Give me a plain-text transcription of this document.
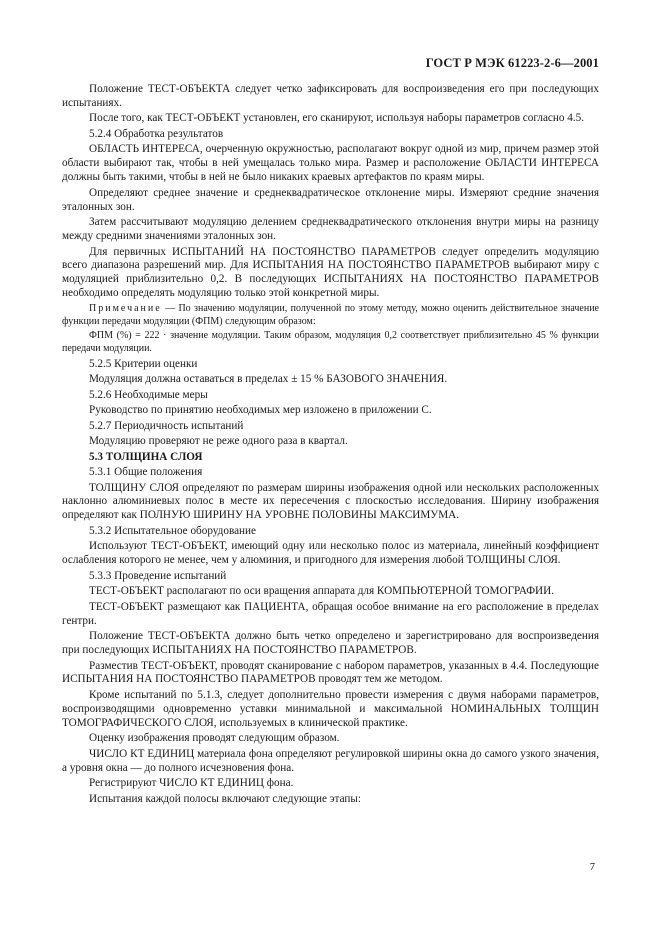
ГОСТ Р МЭК 61223-2-6—2001

Положение ТЕСТ-ОБЪЕКТА следует четко зафиксировать для воспроизведения его при последующих испытаниях.

После того, как ТЕСТ-ОБЪЕКТ установлен, его сканируют, используя наборы параметров согласно 4.5.

5.2.4 Обработка результатов

ОБЛАСТЬ ИНТЕРЕСА, очерченную окружностью, располагают вокруг одной из мир, причем размер этой области выбирают так, чтобы в ней умещалась только мира. Размер и расположение ОБЛАСТИ ИНТЕРЕСА должны быть такими, чтобы в ней не было никаких краевых артефактов по краям миры.

Определяют среднее значение и среднеквадратическое отклонение миры. Измеряют средние значения эталонных зон.

Затем рассчитывают модуляцию делением среднеквадратического отклонения внутри миры на разницу между средними значениями эталонных зон.

Для первичных ИСПЫТАНИЙ НА ПОСТОЯНСТВО ПАРАМЕТРОВ следует определить модуляцию всего диапазона разрешений мир. Для ИСПЫТАНИЯ НА ПОСТОЯНСТВО ПАРАМЕТРОВ выбирают миру с модуляцией приблизительно 0,2. В последующих ИСПЫТАНИЯХ НА ПОСТОЯНСТВО ПАРАМЕТРОВ необходимо определять модуляцию только этой конкретной миры.

Примечание — По значению модуляции, полученной по этому методу, можно оценить действительное значение функции передачи модуляции (ФПМ) следующим образом:

ФПМ (%) = 222 · значение модуляции. Таким образом, модуляция 0,2 соответствует приблизительно 45 % функции передачи модуляции.

5.2.5 Критерии оценки

Модуляция должна оставаться в пределах ± 15 % БАЗОВОГО ЗНАЧЕНИЯ.

5.2.6 Необходимые меры

Руководство по принятию необходимых мер изложено в приложении С.

5.2.7 Периодичность испытаний

Модуляцию проверяют не реже одного раза в квартал.

5.3 ТОЛЩИНА СЛОЯ

5.3.1 Общие положения

ТОЛЩИНУ СЛОЯ определяют по размерам ширины изображения одной или нескольких расположенных наклонно алюминиевых полос в месте их пересечения с плоскостью исследования. Ширину изображения определяют как ПОЛНУЮ ШИРИНУ НА УРОВНЕ ПОЛОВИНЫ МАКСИМУМА.

5.3.2 Испытательное оборудование

Используют ТЕСТ-ОБЪЕКТ, имеющий одну или несколько полос из материала, линейный коэффициент ослабления которого не менее, чем у алюминия, и пригодного для измерения любой ТОЛЩИНЫ СЛОЯ.

5.3.3 Проведение испытаний

ТЕСТ-ОБЪЕКТ располагают по оси вращения аппарата для КОМПЬЮТЕРНОЙ ТОМОГРАФИИ.

ТЕСТ-ОБЪЕКТ размещают как ПАЦИЕНТА, обращая особое внимание на его расположение в пределах гентри.

Положение ТЕСТ-ОБЪЕКТА должно быть четко определено и зарегистрировано для воспроизведения при последующих ИСПЫТАНИЯХ НА ПОСТОЯНСТВО ПАРАМЕТРОВ.

Разместив ТЕСТ-ОБЪЕКТ, проводят сканирование с набором параметров, указанных в 4.4. Последующие ИСПЫТАНИЯ НА ПОСТОЯНСТВО ПАРАМЕТРОВ проводят тем же методом.

Кроме испытаний по 5.1.3, следует дополнительно провести измерения с двумя наборами параметров, воспроизводящими одновременно уставки минимальной и максимальной НОМИНАЛЬНЫХ ТОЛЩИН ТОМОГРАФИЧЕСКОГО СЛОЯ, используемых в клинической практике.

Оценку изображения проводят следующим образом.

ЧИСЛО КТ ЕДИНИЦ материала фона определяют регулировкой ширины окна до самого узкого значения, а уровня окна — до полного исчезновения фона.

Регистрируют ЧИСЛО КТ ЕДИНИЦ фона.

Испытания каждой полосы включают следующие этапы:

7
